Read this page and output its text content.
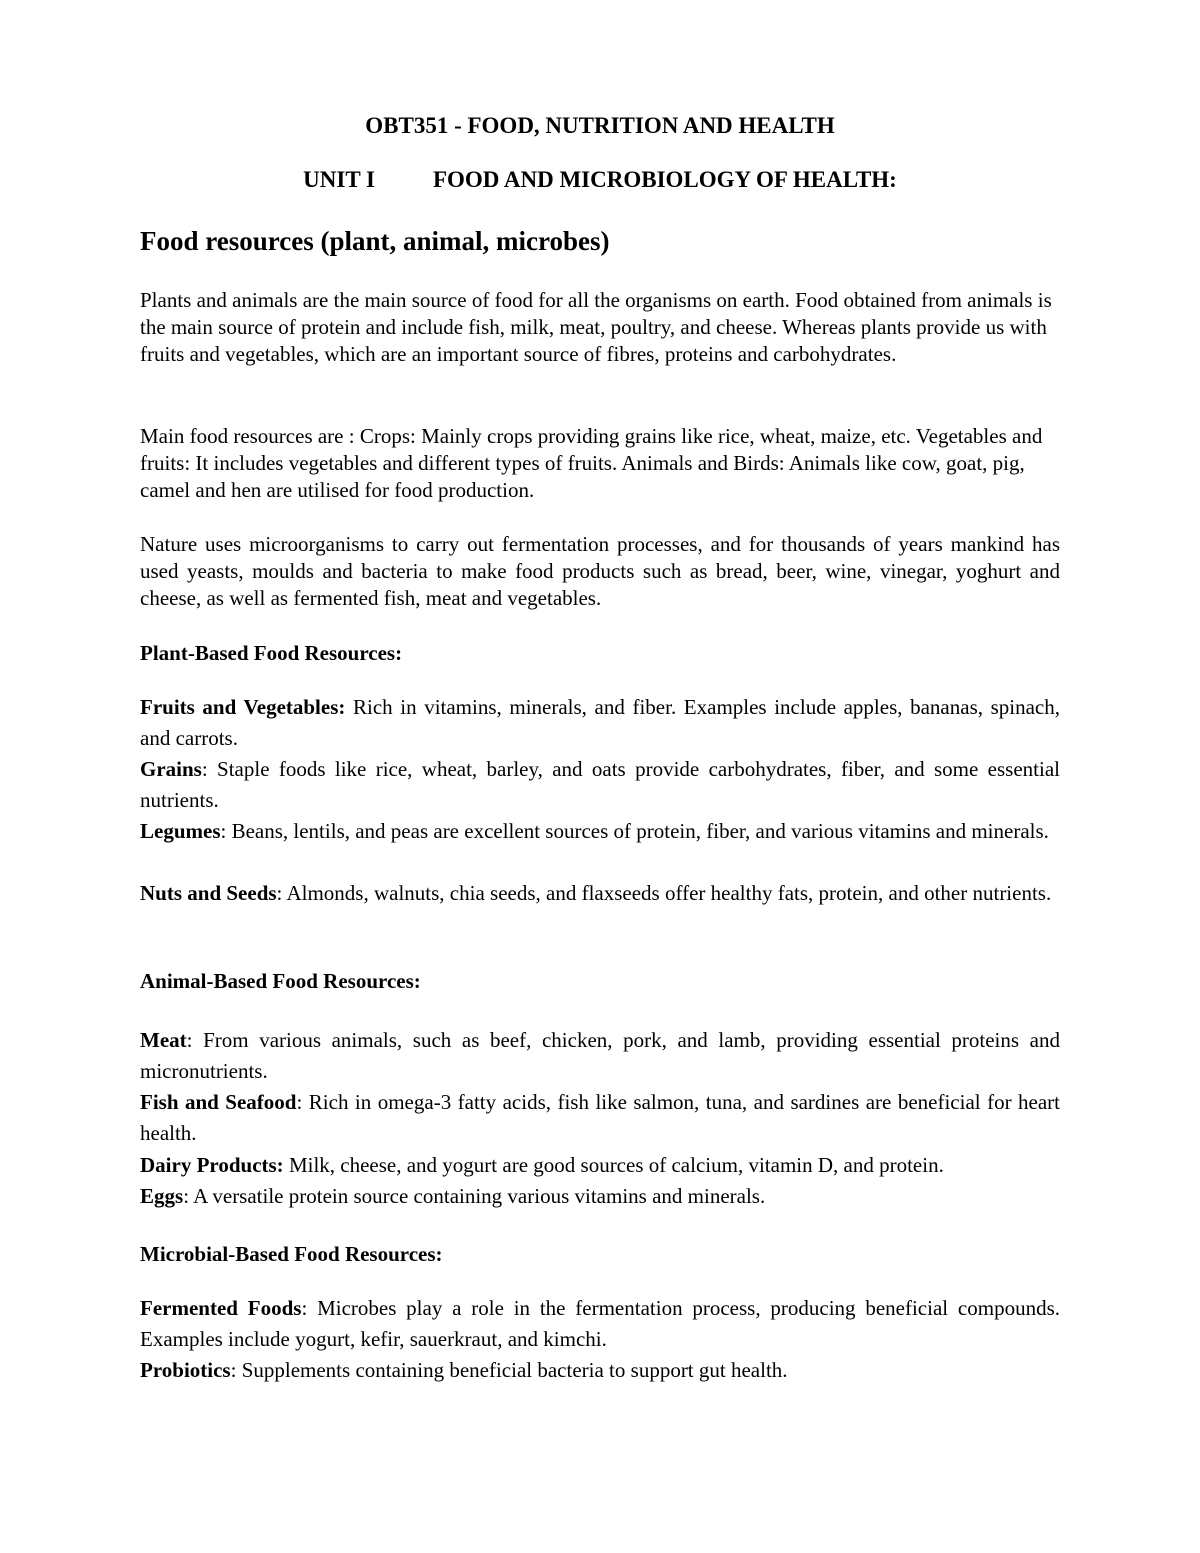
OBT351 - FOOD, NUTRITION AND HEALTH

UNIT I	FOOD AND MICROBIOLOGY OF HEALTH:

Food resources (plant, animal, microbes)

Plants and animals are the main source of food for all the organisms on earth. Food obtained from animals is the main source of protein and include fish, milk, meat, poultry, and cheese. Whereas plants provide us with fruits and vegetables, which are an important source of fibres, proteins and carbohydrates.

Main food resources are : Crops: Mainly crops providing grains like rice, wheat, maize, etc. Vegetables and fruits: It includes vegetables and different types of fruits. Animals and Birds: Animals like cow, goat, pig, camel and hen are utilised for food production.

Nature uses microorganisms to carry out fermentation processes, and for thousands of years mankind has used yeasts, moulds and bacteria to make food products such as bread, beer, wine, vinegar, yoghurt and cheese, as well as fermented fish, meat and vegetables.

Plant-Based Food Resources:

Fruits and Vegetables: Rich in vitamins, minerals, and fiber. Examples include apples, bananas, spinach, and carrots.

Grains: Staple foods like rice, wheat, barley, and oats provide carbohydrates, fiber, and some essential nutrients.

Legumes: Beans, lentils, and peas are excellent sources of protein, fiber, and various vitamins and minerals.

Nuts and Seeds: Almonds, walnuts, chia seeds, and flaxseeds offer healthy fats, protein, and other nutrients.

Animal-Based Food Resources:

Meat: From various animals, such as beef, chicken, pork, and lamb, providing essential proteins and micronutrients.

Fish and Seafood: Rich in omega-3 fatty acids, fish like salmon, tuna, and sardines are beneficial for heart health.

Dairy Products: Milk, cheese, and yogurt are good sources of calcium, vitamin D, and protein.

Eggs: A versatile protein source containing various vitamins and minerals.

Microbial-Based Food Resources:

Fermented Foods: Microbes play a role in the fermentation process, producing beneficial compounds. Examples include yogurt, kefir, sauerkraut, and kimchi.

Probiotics: Supplements containing beneficial bacteria to support gut health.
